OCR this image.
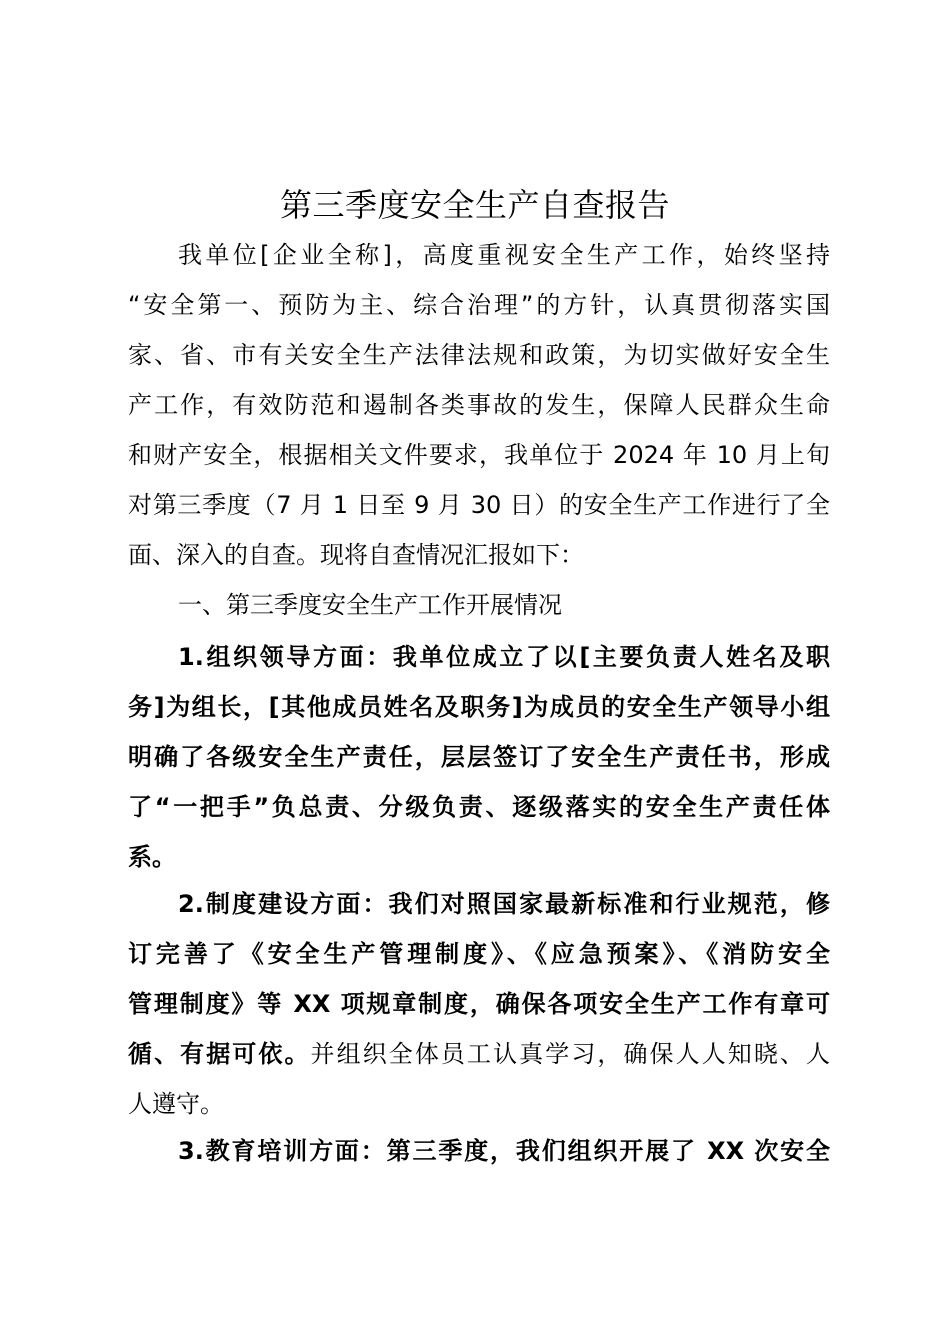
第三季度安全生产自查报告
我单位[企业全称]，高度重视安全生产工作，始终坚持
“安全第一、预防为主、综合治理”的方针，认真贯彻落实国
家、省、市有关安全生产法律法规和政策，为切实做好安全生
产工作，有效防范和遏制各类事故的发生，保障人民群众生命
和财产安全，根据相关文件要求，我单位于 2024 年 10 月上旬
对第三季度（7 月 1 日至 9 月 30 日）的安全生产工作进行了全
面、深入的自查。现将自查情况汇报如下：
一、第三季度安全生产工作开展情况
1.组织领导方面：我单位成立了以[主要负责人姓名及职
务]为组长，[其他成员姓名及职务]为成员的安全生产领导小组
明确了各级安全生产责任，层层签订了安全生产责任书，形成
了“一把手”负总责、分级负责、逐级落实的安全生产责任体
系。
2.制度建设方面：我们对照国家最新标准和行业规范，修
订完善了《安全生产管理制度》、《应急预案》、《消防安全
管理制度》等 XX 项规章制度，确保各项安全生产工作有章可
循、有据可依。并组织全体员工认真学习，确保人人知晓、人
人遵守。
3.教育培训方面：第三季度，我们组织开展了 XX 次安全
